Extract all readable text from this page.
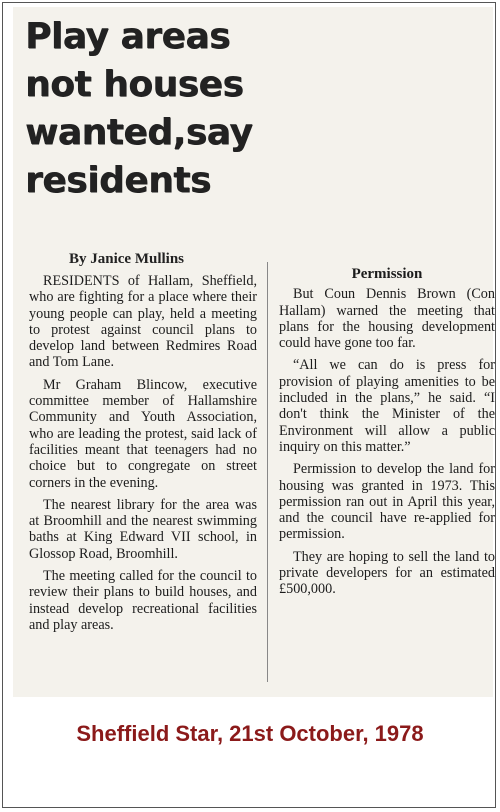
Play areas
not houses
wanted,say
residents
By Janice Mullins

RESIDENTS of Hallam, Sheffield, who are fighting for a place where their young people can play, held a meeting to protest against council plans to develop land between Redmires Road and Tom Lane.

Mr Graham Blincow, executive committee member of Hallamshire Community and Youth Association, who are leading the protest, said lack of facilities meant that teenagers had no choice but to congregate on street corners in the evening.

The nearest library for the area was at Broomhill and the nearest swimming baths at King Edward VII school, in Glossop Road, Broomhill.

The meeting called for the council to review their plans to build houses, and instead develop recreational facilities and play areas.

Permission

But Coun Dennis Brown (Con Hallam) warned the meeting that plans for the housing development could have gone too far.

“All we can do is press for provision of playing amenities to be included in the plans,” he said. “I don't think the Minister of the Environment will allow a public inquiry on this matter.”

Permission to develop the land for housing was granted in 1973. This permission ran out in April this year, and the council have re-applied for permission.

They are hoping to sell the land to private developers for an estimated £500,000.

Sheffield Star, 21st October, 1978
